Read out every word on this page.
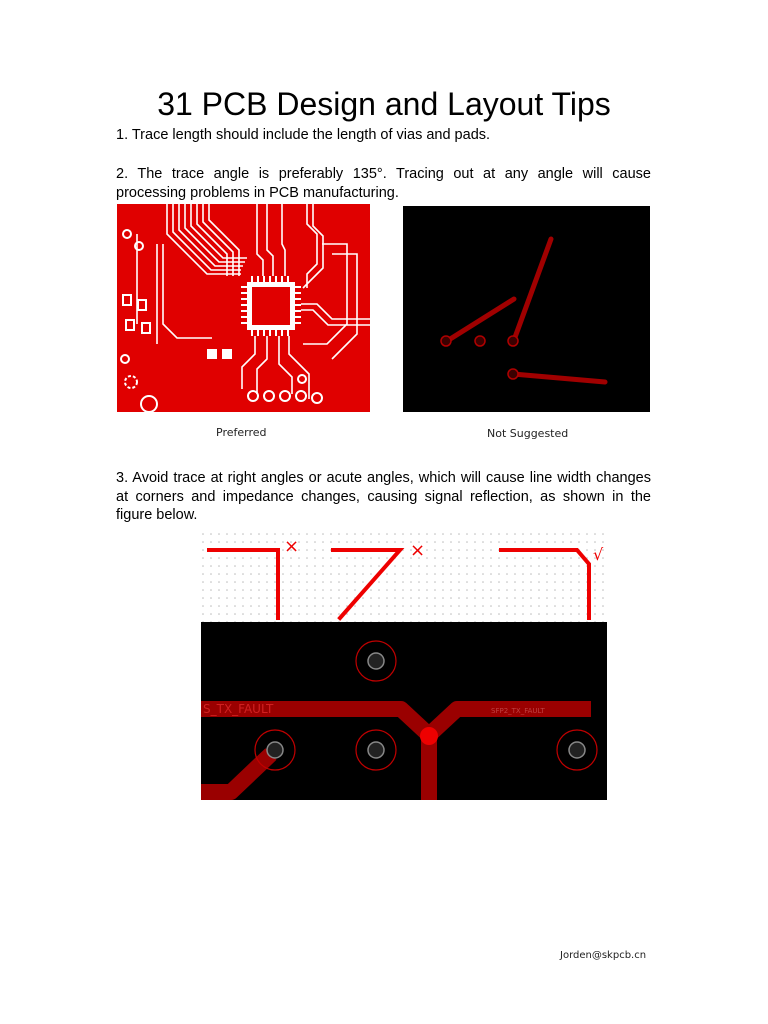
31 PCB Design and Layout Tips
1. Trace length should include the length of vias and pads.
2. The trace angle is preferably 135°. Tracing out at any angle will cause processing problems in PCB manufacturing.
Preferred	Not Suggested
3. Avoid trace at right angles or acute angles, which will cause line width changes at corners and impedance changes, causing signal reflection, as shown in the figure below.
×	×	√
S_TX_FAULT	SFP2_TX_FAULT
Jorden@skpcb.cn
